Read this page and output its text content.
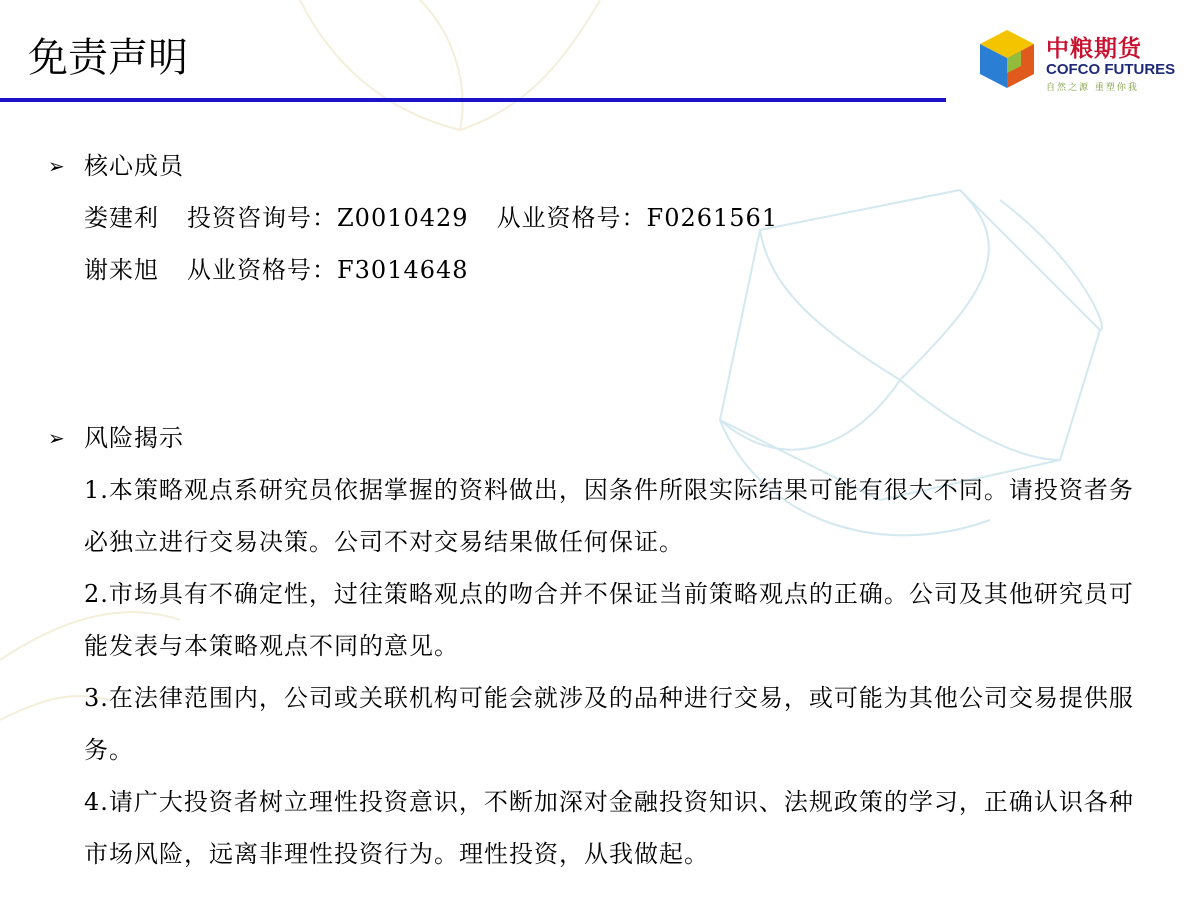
免责声明	中粮期货
COFCO FUTURES
自然之源 重塑你我
➢ 核心成员
娄建利 投资咨询号：Z0010429 从业资格号：F0261561
谢来旭 从业资格号：F3014648
➢ 风险揭示
1.本策略观点系研究员依据掌握的资料做出，因条件所限实际结果可能有很大不同。请投资者务必独立进行交易决策。公司不对交易结果做任何保证。
2.市场具有不确定性，过往策略观点的吻合并不保证当前策略观点的正确。公司及其他研究员可能发表与本策略观点不同的意见。
3.在法律范围内，公司或关联机构可能会就涉及的品种进行交易，或可能为其他公司交易提供服务。
4.请广大投资者树立理性投资意识，不断加深对金融投资知识、法规政策的学习，正确认识各种市场风险，远离非理性投资行为。理性投资，从我做起。
